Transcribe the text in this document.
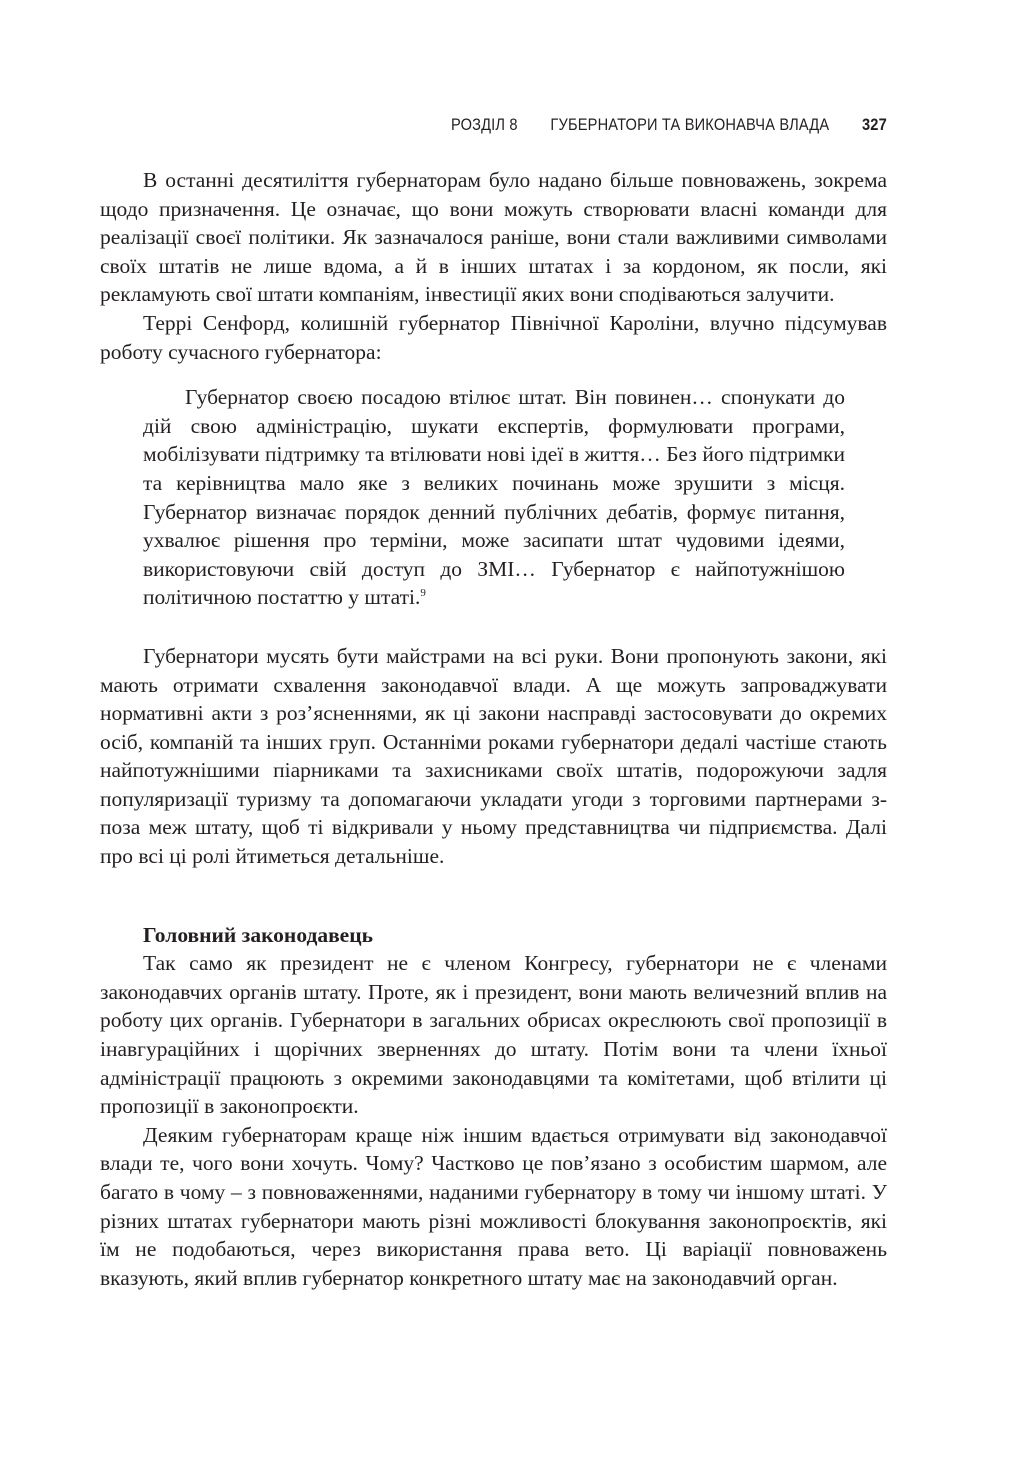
РОЗДІЛ 8 ГУБЕРНАТОРИ ТА ВИКОНАВЧА ВЛАДА 327

В останні десятиліття губернаторам було надано більше повноважень, зокрема щодо призначення. Це означає, що вони можуть створювати власні команди для реалізації своєї політики. Як зазначалося раніше, вони стали важливими символами своїх штатів не лише вдома, а й в інших штатах і за кордоном, як посли, які рекламують свої штати компаніям, інвестиції яких вони сподіваються залучити.

Террі Сенфорд, колишній губернатор Північної Кароліни, влучно підсумував роботу сучасного губернатора:

Губернатор своєю посадою втілює штат. Він повинен… спонукати до дій свою адміністрацію, шукати експертів, формулювати програми, мобілізувати підтримку та втілювати нові ідеї в життя… Без його підтримки та керівництва мало яке з великих починань може зрушити з місця. Губернатор визначає порядок денний публічних дебатів, формує питання, ухвалює рішення про терміни, може засипати штат чудовими ідеями, використовуючи свій доступ до ЗМІ… Губернатор є найпотужнішою політичною постаттю у штаті.$^9$

Губернатори мусять бути майстрами на всі руки. Вони пропонують закони, які мають отримати схвалення законодавчої влади. А ще можуть запроваджувати нормативні акти з роз’ясненнями, як ці закони насправді застосовувати до окремих осіб, компаній та інших груп. Останніми роками губернатори дедалі частіше стають найпотужнішими піарниками та захисниками своїх штатів, подорожуючи задля популяризації туризму та допомагаючи укладати угоди з торговими партнерами з-поза меж штату, щоб ті відкривали у ньому представництва чи підприємства. Далі про всі ці ролі йтиметься детальніше.

Головний законодавець

Так само як президент не є членом Конгресу, губернатори не є членами законодавчих органів штату. Проте, як і президент, вони мають величезний вплив на роботу цих органів. Губернатори в загальних обрисах окреслюють свої пропозиції в інавгураційних і щорічних зверненнях до штату. Потім вони та члени їхньої адміністрації працюють з окремими законодавцями та комітетами, щоб втілити ці пропозиції в законопроєкти.

Деяким губернаторам краще ніж іншим вдається отримувати від законодавчої влади те, чого вони хочуть. Чому? Частково це пов’язано з особистим шармом, але багато в чому – з повноваженнями, наданими губернатору в тому чи іншому штаті. У різних штатах губернатори мають різні можливості блокування законопроєктів, які їм не подобаються, через використання права вето. Ці варіації повноважень вказують, який вплив губернатор конкретного штату має на законодавчий орган.
